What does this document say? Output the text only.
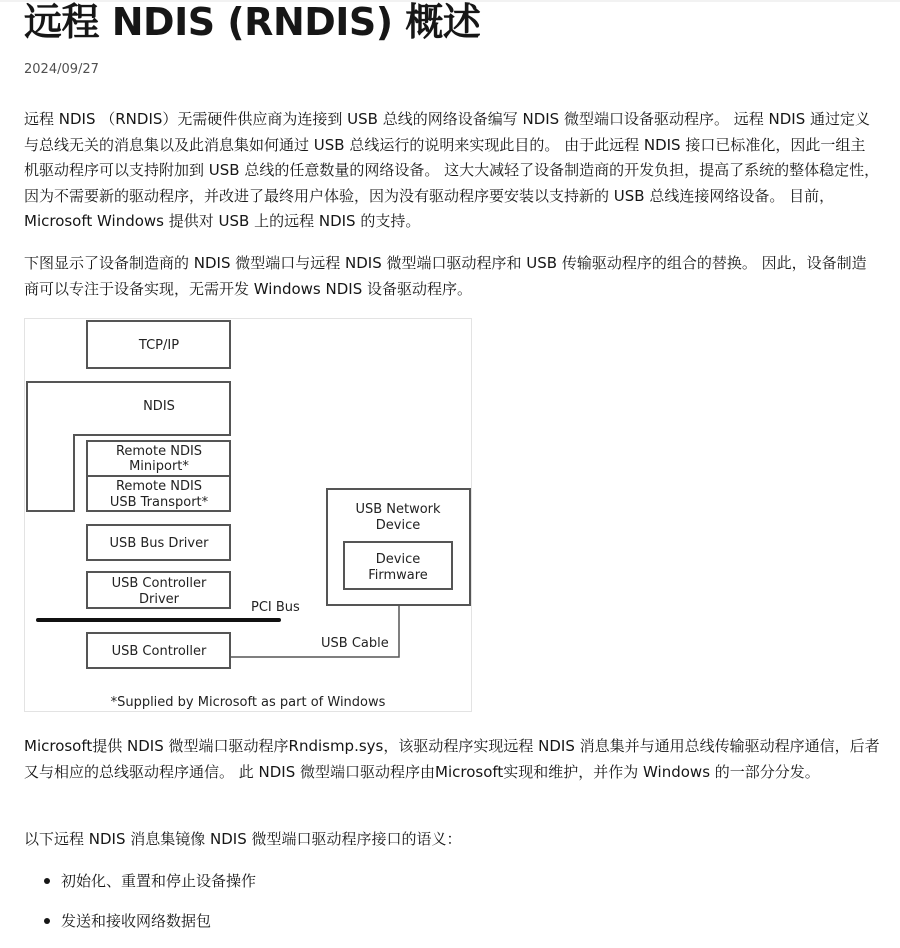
远程 NDIS (RNDIS) 概述
2024/09/27

远程 NDIS （RNDIS）无需硬件供应商为连接到 USB 总线的网络设备编写 NDIS 微型端口设备驱动程序。 远程 NDIS 通过定义与总线无关的消息集以及此消息集如何通过 USB 总线运行的说明来实现此目的。 由于此远程 NDIS 接口已标准化，因此一组主机驱动程序可以支持附加到 USB 总线的任意数量的网络设备。 这大大减轻了设备制造商的开发负担，提高了系统的整体稳定性，因为不需要新的驱动程序，并改进了最终用户体验，因为没有驱动程序要安装以支持新的 USB 总线连接网络设备。 目前，Microsoft Windows 提供对 USB 上的远程 NDIS 的支持。

下图显示了设备制造商的 NDIS 微型端口与远程 NDIS 微型端口驱动程序和 USB 传输驱动程序的组合的替换。 因此，设备制造商可以专注于设备实现，无需开发 Windows NDIS 设备驱动程序。

Microsoft提供 NDIS 微型端口驱动程序Rndismp.sys，该驱动程序实现远程 NDIS 消息集并与通用总线传输驱动程序通信，后者又与相应的总线驱动程序通信。 此 NDIS 微型端口驱动程序由Microsoft实现和维护，并作为 Windows 的一部分分发。

以下远程 NDIS 消息集镜像 NDIS 微型端口驱动程序接口的语义：

初始化、重置和停止设备操作
发送和接收网络数据包
TCP/IP
NDIS
Remote NDIS
Miniport*
Remote NDIS
USB Transport*
USB Bus Driver
USB Controller
Driver
USB Controller
USB Network
Device
Device
Firmware
*Supplied by Microsoft as part of Windows
PCI Bus
USB Cable
